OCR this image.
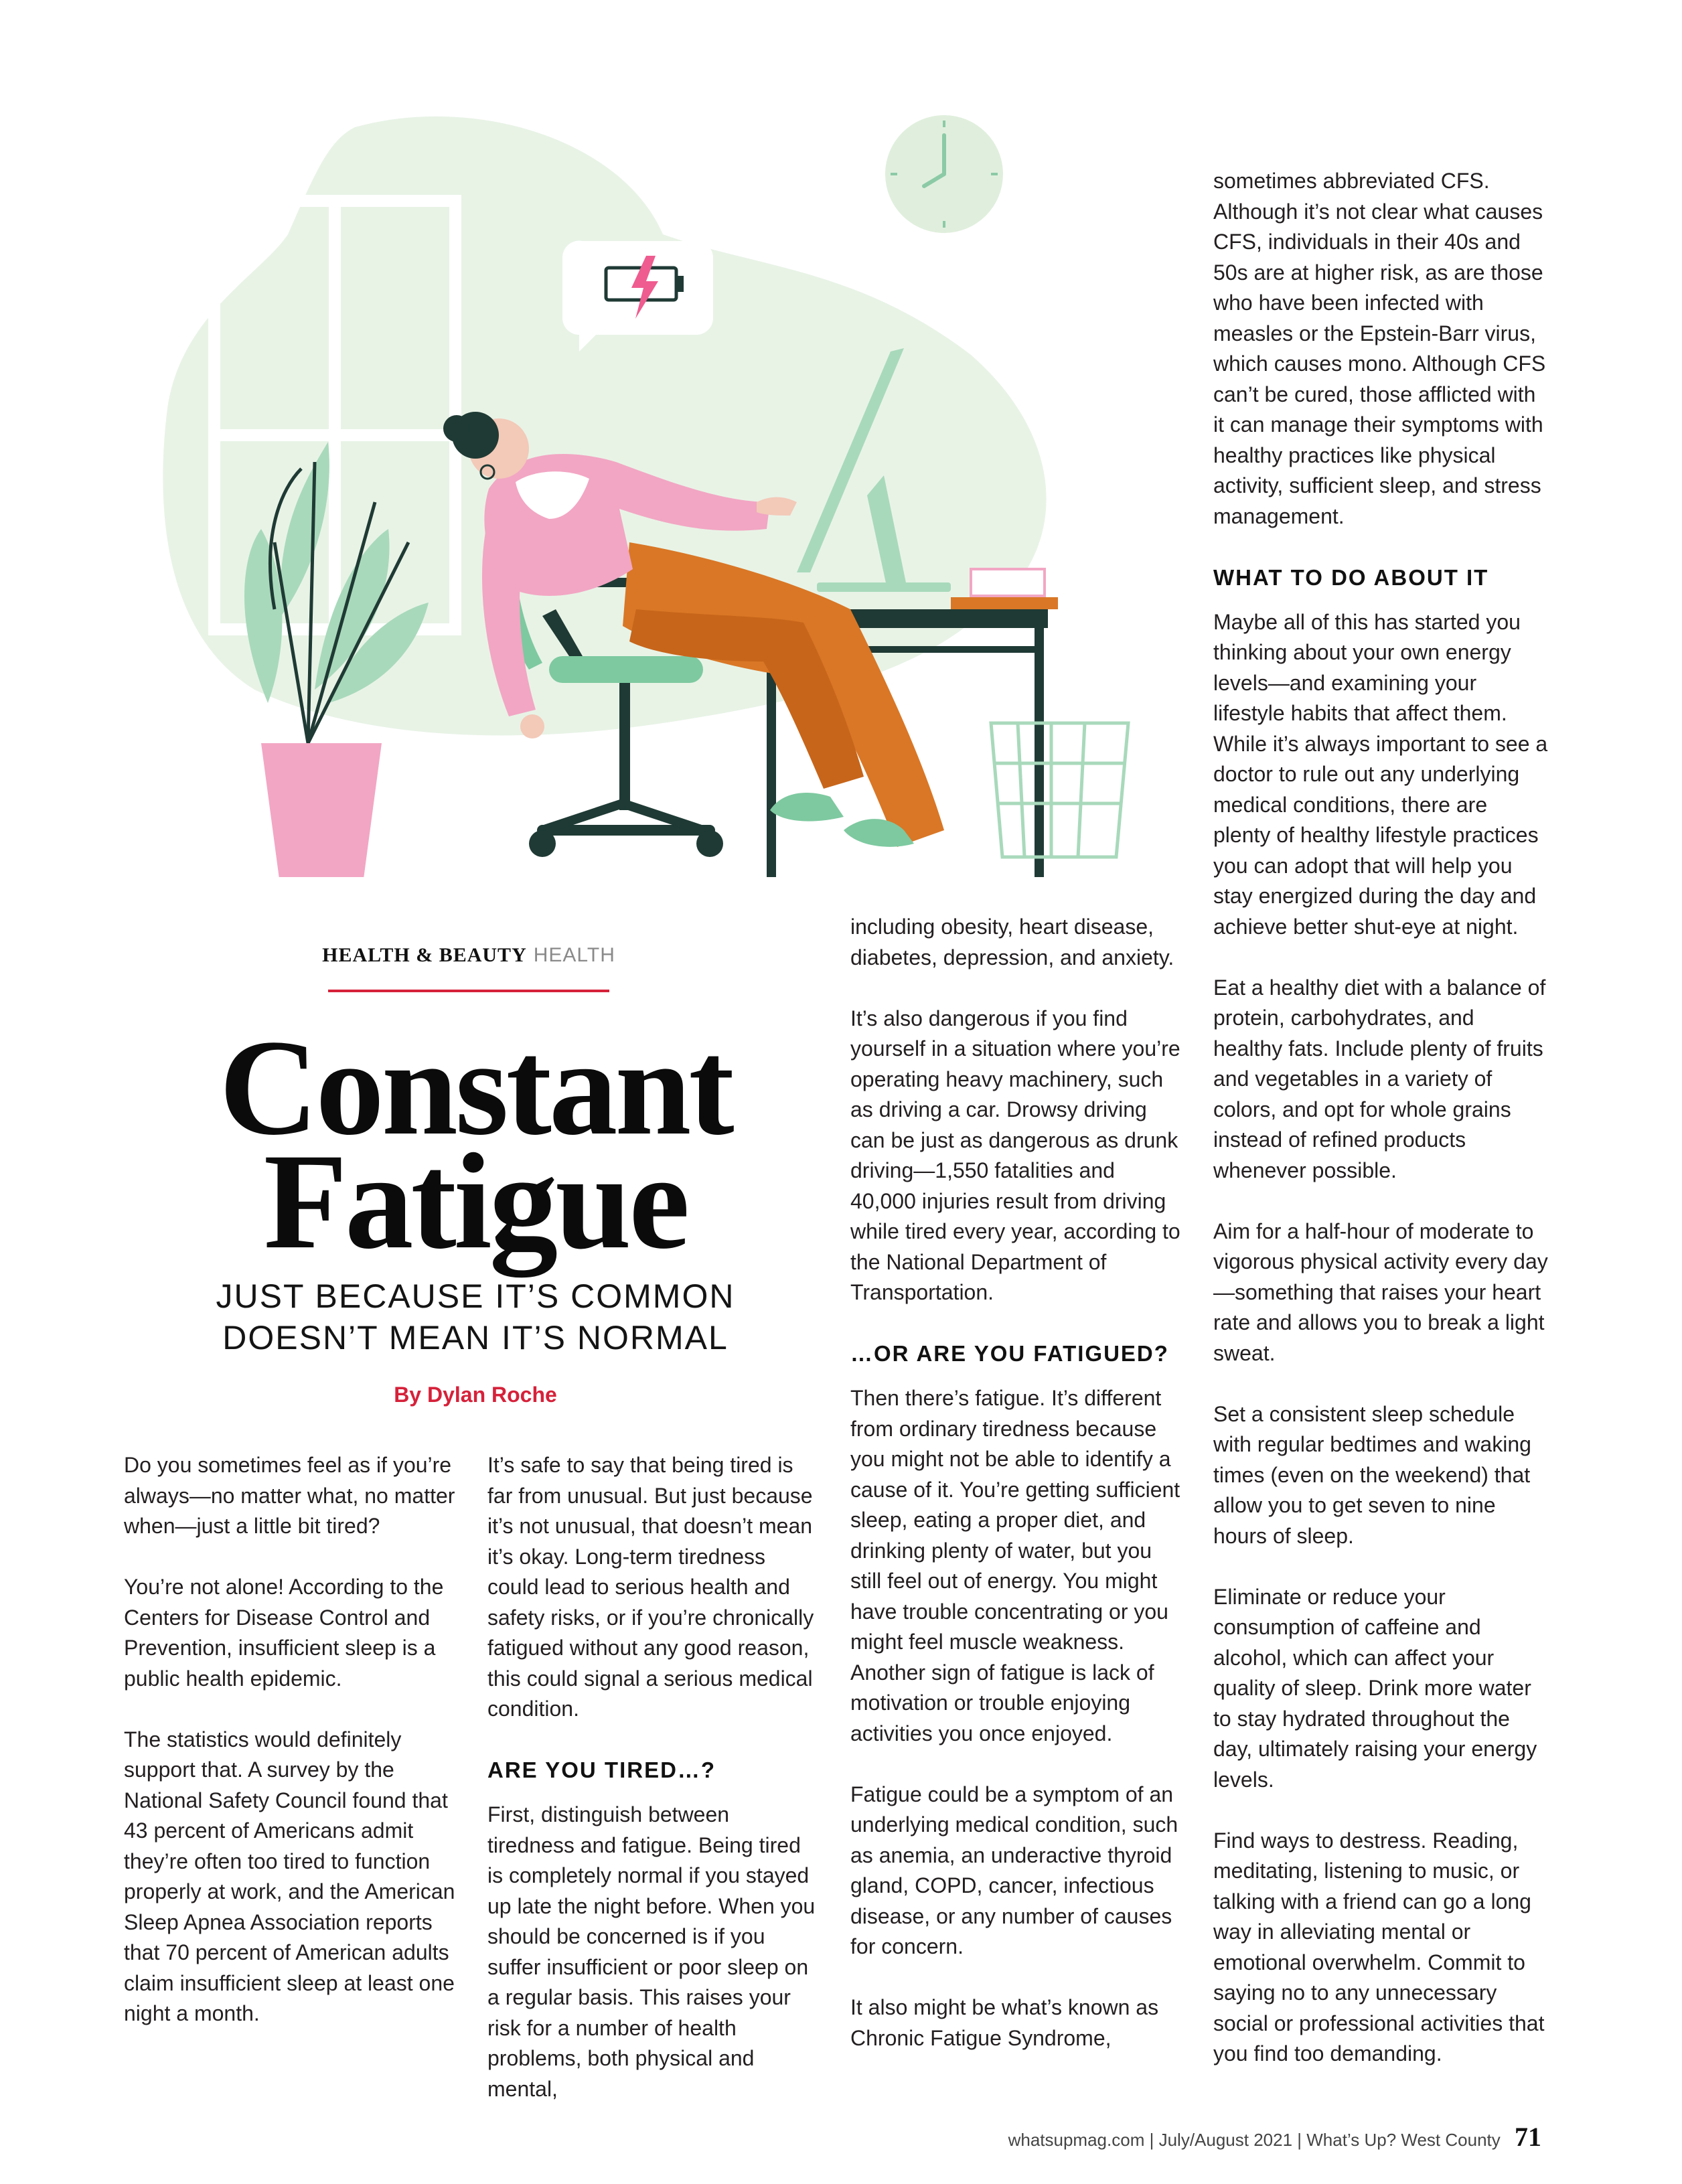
HEALTH & BEAUTY HEALTH
Constant
Fatigue
JUST BECAUSE IT’S COMMON
DOESN’T MEAN IT’S NORMAL
By Dylan Roche

Do you sometimes feel as if you’re always—no matter what, no matter when—just a little bit tired?

You’re not alone! According to the Centers for Disease Control and Prevention, insufficient sleep is a public health epidemic.

The statistics would definitely support that. A survey by the National Safety Council found that 43 percent of Americans admit they’re often too tired to function properly at work, and the American Sleep Apnea Association reports that 70 percent of American adults claim insufficient sleep at least one night a month.

It’s safe to say that being tired is far from unusual. But just because it’s not unusual, that doesn’t mean it’s okay. Long-term tiredness could lead to serious health and safety risks, or if you’re chronically fatigued without any good reason, this could signal a serious medical condition.

ARE YOU TIRED…?

First, distinguish between tiredness and fatigue. Being tired is completely normal if you stayed up late the night before. When you should be concerned is if you suffer insufficient or poor sleep on a regular basis. This raises your risk for a number of health problems, both physical and mental,

including obesity, heart disease, diabetes, depression, and anxiety.

It’s also dangerous if you find yourself in a situation where you’re operating heavy machinery, such as driving a car. Drowsy driving can be just as dangerous as drunk driving—1,550 fatalities and 40,000 injuries result from driving while tired every year, according to the National Department of Transportation.

…OR ARE YOU FATIGUED?

Then there’s fatigue. It’s different from ordinary tiredness because you might not be able to identify a cause of it. You’re getting sufficient sleep, eating a proper diet, and drinking plenty of water, but you still feel out of energy. You might have trouble concentrating or you might feel muscle weakness. Another sign of fatigue is lack of motivation or trouble enjoying activities you once enjoyed.

Fatigue could be a symptom of an underlying medical condition, such as anemia, an underactive thyroid gland, COPD, cancer, infectious disease, or any number of causes for concern.

It also might be what’s known as Chronic Fatigue Syndrome,

sometimes abbreviated CFS. Although it’s not clear what causes CFS, individuals in their 40s and 50s are at higher risk, as are those who have been infected with measles or the Epstein-Barr virus, which causes mono. Although CFS can’t be cured, those afflicted with it can manage their symptoms with healthy practices like physical activity, sufficient sleep, and stress management.

WHAT TO DO ABOUT IT

Maybe all of this has started you thinking about your own energy levels—and examining your lifestyle habits that affect them. While it’s always important to see a doctor to rule out any underlying medical conditions, there are plenty of healthy lifestyle practices you can adopt that will help you stay energized during the day and achieve better shut-eye at night.

Eat a healthy diet with a balance of protein, carbohydrates, and healthy fats. Include plenty of fruits and vegetables in a variety of colors, and opt for whole grains instead of refined products whenever possible.

Aim for a half-hour of moderate to vigorous physical activity every day—something that raises your heart rate and allows you to break a light sweat.

Set a consistent sleep schedule with regular bedtimes and waking times (even on the weekend) that allow you to get seven to nine hours of sleep.

Eliminate or reduce your consumption of caffeine and alcohol, which can affect your quality of sleep. Drink more water to stay hydrated throughout the day, ultimately raising your energy levels.

Find ways to destress. Reading, meditating, listening to music, or talking with a friend can go a long way in alleviating mental or emotional overwhelm. Commit to saying no to any unnecessary social or professional activities that you find too demanding.

whatsupmag.com | July/August 2021 | What’s Up? West County 71
